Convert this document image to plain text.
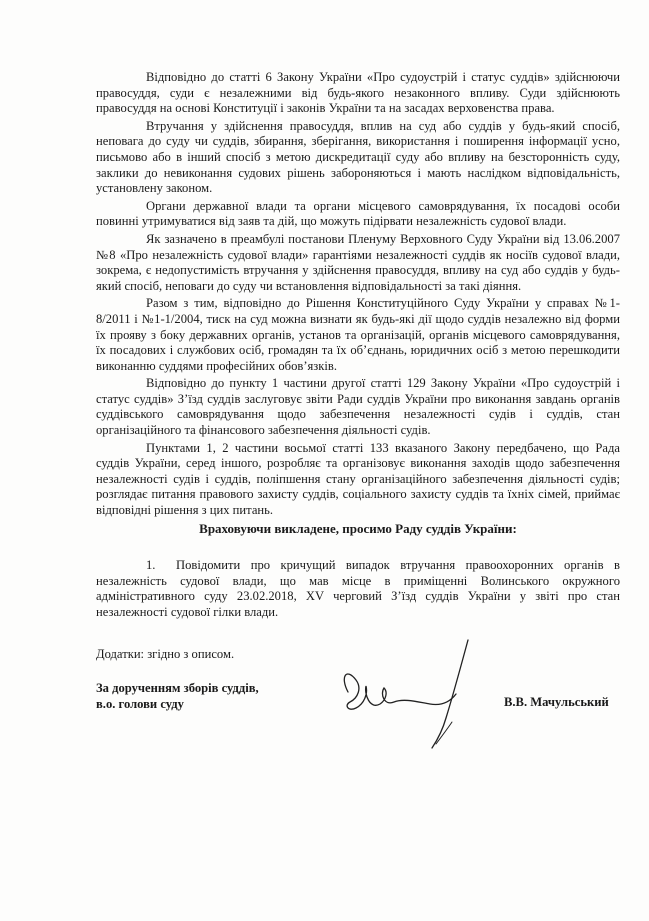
Відповідно до статті 6 Закону України «Про судоустрій і статус суддів» здійснюючи правосуддя, суди є незалежними від будь-якого незаконного впливу. Суди здійснюють правосуддя на основі Конституції і законів України та на засадах верховенства права.

Втручання у здійснення правосуддя, вплив на суд або суддів у будь-який спосіб, неповага до суду чи суддів, збирання, зберігання, використання і поширення інформації усно, письмово або в інший спосіб з метою дискредитації суду або впливу на безсторонність суду, заклики до невиконання судових рішень забороняються і мають наслідком відповідальність, установлену законом.

Органи державної влади та органи місцевого самоврядування, їх посадові особи повинні утримуватися від заяв та дій, що можуть підірвати незалежність судової влади.

Як зазначено в преамбулі постанови Пленуму Верховного Суду України від 13.06.2007 №8 «Про незалежність судової влади» гарантіями незалежності суддів як носіїв судової влади, зокрема, є недопустимість втручання у здійснення правосуддя, впливу на суд або суддів у будь-який спосіб, неповаги до суду чи встановлення відповідальності за такі діяння.

Разом з тим, відповідно до Рішення Конституційного Суду України у справах №1-8/2011 і №1-1/2004, тиск на суд можна визнати як будь-які дії щодо суддів незалежно від форми їх прояву з боку державних органів, установ та організацій, органів місцевого самоврядування, їх посадових і службових осіб, громадян та їх об’єднань, юридичних осіб з метою перешкодити виконанню суддями професійних обов’язків.

Відповідно до пункту 1 частини другої статті 129 Закону України «Про судоустрій і статус суддів» З’їзд суддів заслуговує звіти Ради суддів України про виконання завдань органів суддівського самоврядування щодо забезпечення незалежності судів і суддів, стан організаційного та фінансового забезпечення діяльності судів.

Пунктами 1, 2 частини восьмої статті 133 вказаного Закону передбачено, що Рада суддів України, серед іншого, розробляє та організовує виконання заходів щодо забезпечення незалежності судів і суддів, поліпшення стану організаційного забезпечення діяльності судів; розглядає питання правового захисту суддів, соціального захисту суддів та їхніх сімей, приймає відповідні рішення з цих питань.

Враховуючи викладене, просимо Раду суддів України:
1. Повідомити про кричущий випадок втручання правоохоронних органів в незалежність судової влади, що мав місце в приміщенні Волинського окружного адміністративного суду 23.02.2018, XV черговий З’їзд суддів України у звіті про стан незалежності судової гілки влади.
Додатки: згідно з описом.
За дорученням зборів суддів,
в.о. голови суду	В.В. Мачульський
